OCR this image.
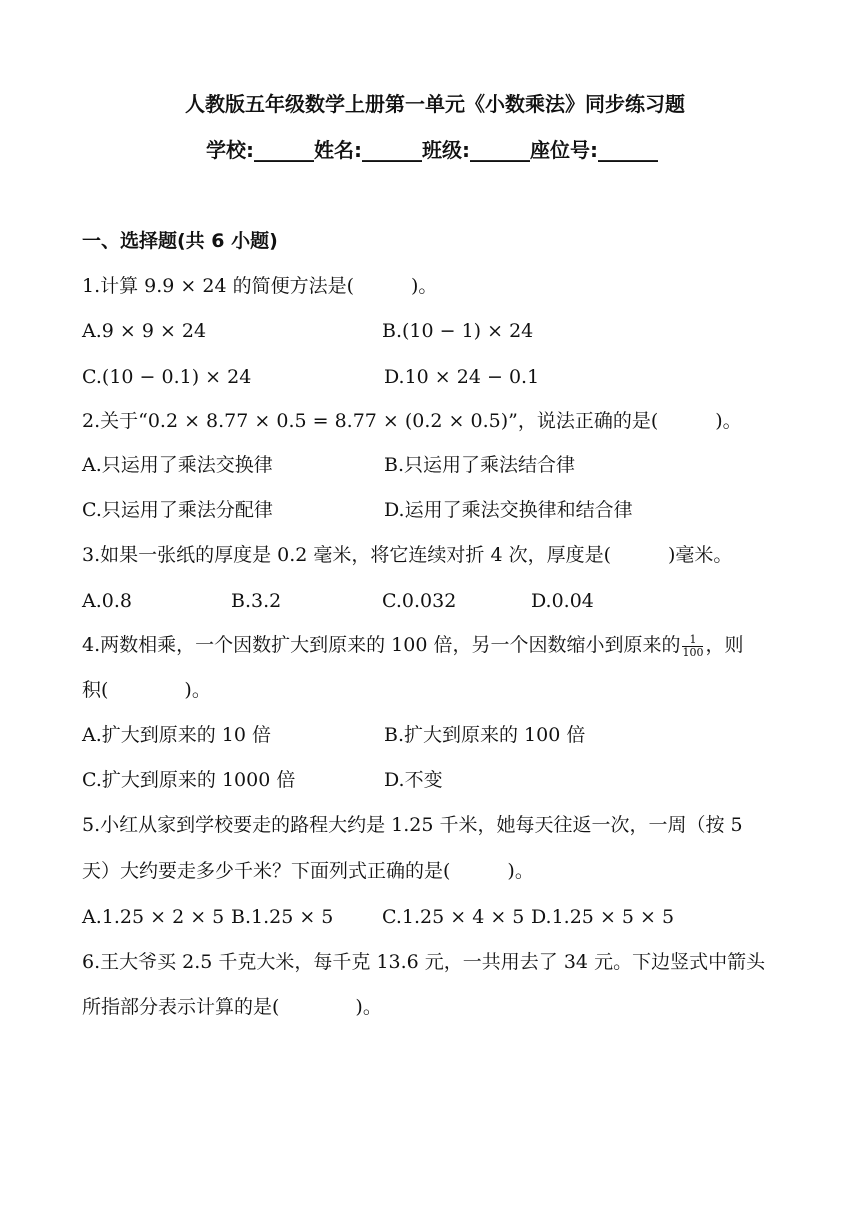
人教版五年级数学上册第一单元《小数乘法》同步练习题
学校:______姓名:______班级:______座位号:______
一、选择题(共 6 小题)
1.计算 9.9 × 24 的简便方法是(　　　)。
A.9 × 9 × 24	B.(10 − 1) × 24
C.(10 − 0.1) × 24	D.10 × 24 − 0.1
2.关于“0.2 × 8.77 × 0.5 = 8.77 × (0.2 × 0.5)”，说法正确的是(　　　)。
A.只运用了乘法交换律	B.只运用了乘法结合律
C.只运用了乘法分配律	D.运用了乘法交换律和结合律
3.如果一张纸的厚度是 0.2 毫米，将它连续对折 4 次，厚度是(　　　)毫米。
A.0.8	B.3.2	C.0.032	D.0.04
4.两数相乘，一个因数扩大到原来的 100 倍，另一个因数缩小到原来的 $\frac{1}{100}$ ，则
积(　　　　)。
A.扩大到原来的 10 倍	B.扩大到原来的 100 倍
C.扩大到原来的 1000 倍	D.不变
5.小红从家到学校要走的路程大约是 1.25 千米，她每天往返一次，一周（按 5
天）大约要走多少千米？下面列式正确的是(　　　)。
A.1.25 × 2 × 5 B.1.25 × 5	C.1.25 × 4 × 5 D.1.25 × 5 × 5
6.王大爷买 2.5 千克大米，每千克 13.6 元，一共用去了 34 元。下边竖式中箭头
所指部分表示计算的是(　　　　)。
